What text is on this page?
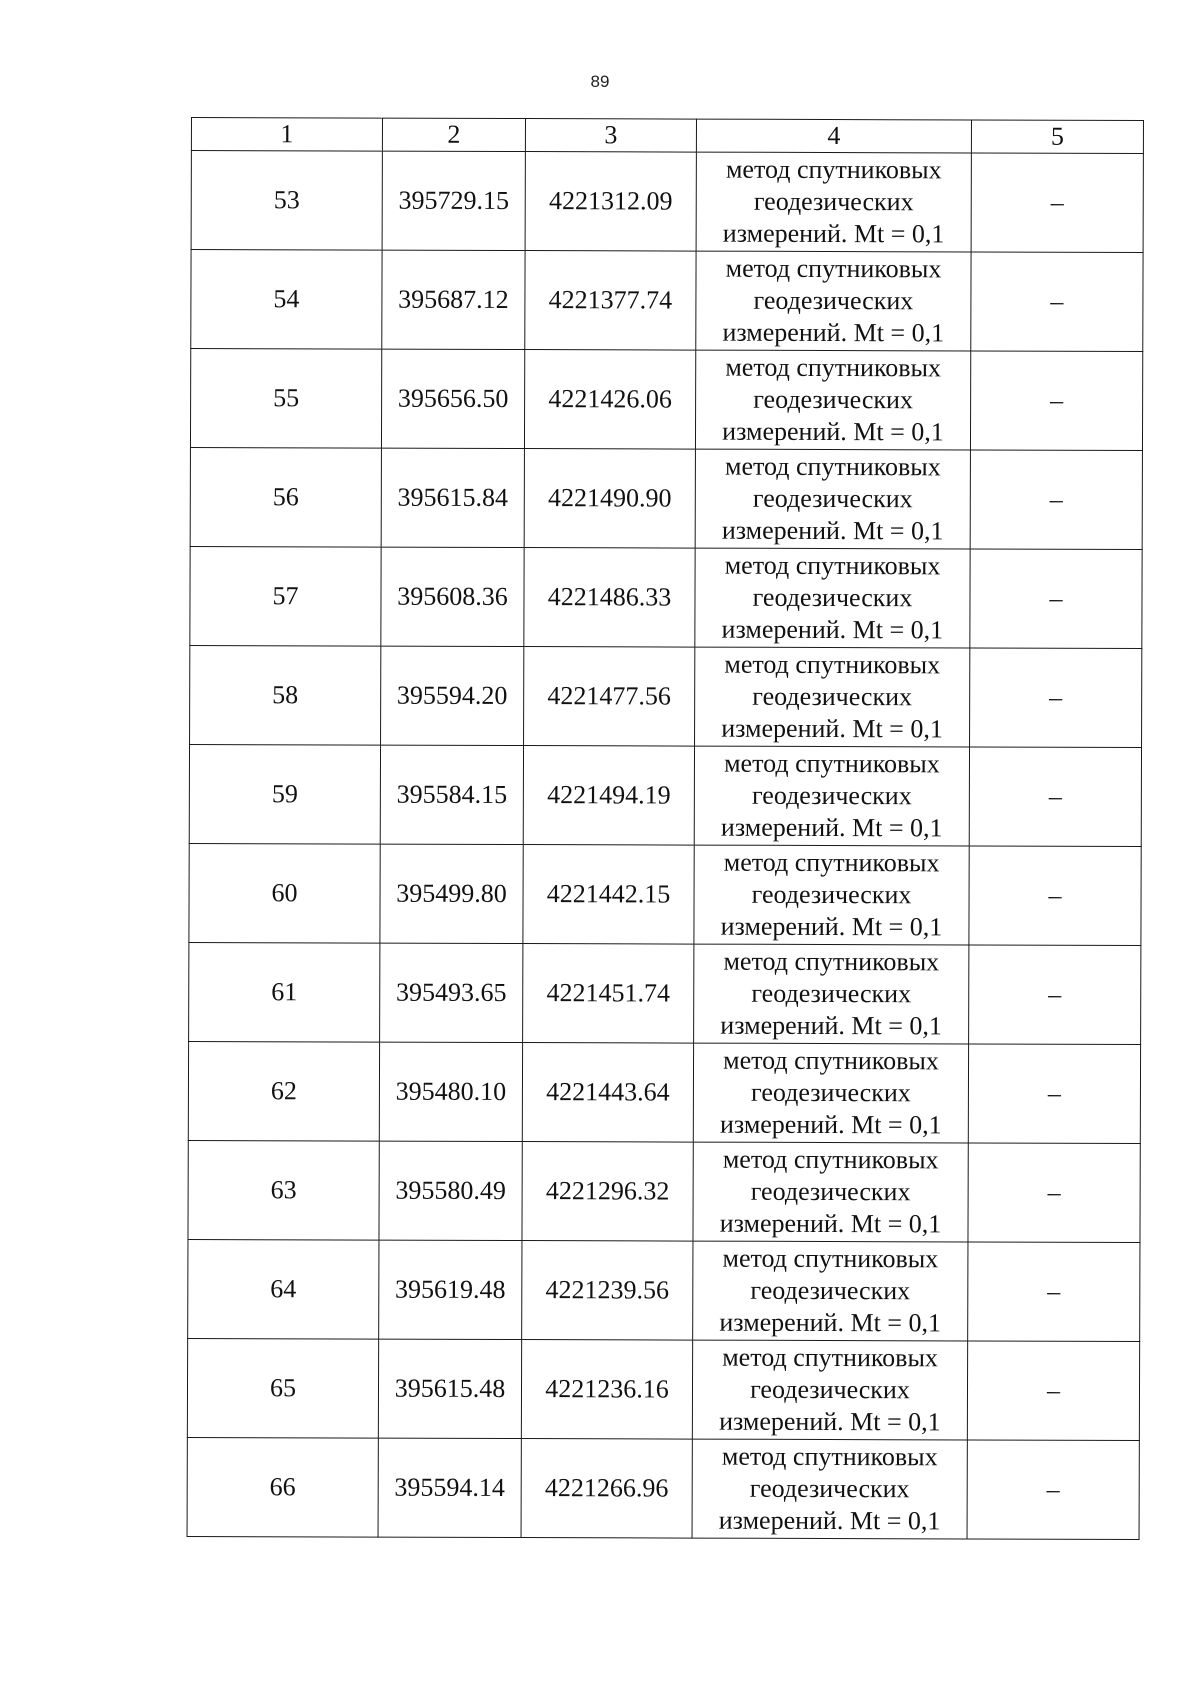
89
1	2	3	4	5
53	395729.15	4221312.09	метод спутниковых геодезических измерений. Mt = 0,1	–
54	395687.12	4221377.74	метод спутниковых геодезических измерений. Mt = 0,1	–
55	395656.50	4221426.06	метод спутниковых геодезических измерений. Mt = 0,1	–
56	395615.84	4221490.90	метод спутниковых геодезических измерений. Mt = 0,1	–
57	395608.36	4221486.33	метод спутниковых геодезических измерений. Mt = 0,1	–
58	395594.20	4221477.56	метод спутниковых геодезических измерений. Mt = 0,1	–
59	395584.15	4221494.19	метод спутниковых геодезических измерений. Mt = 0,1	–
60	395499.80	4221442.15	метод спутниковых геодезических измерений. Mt = 0,1	–
61	395493.65	4221451.74	метод спутниковых геодезических измерений. Mt = 0,1	–
62	395480.10	4221443.64	метод спутниковых геодезических измерений. Mt = 0,1	–
63	395580.49	4221296.32	метод спутниковых геодезических измерений. Mt = 0,1	–
64	395619.48	4221239.56	метод спутниковых геодезических измерений. Mt = 0,1	–
65	395615.48	4221236.16	метод спутниковых геодезических измерений. Mt = 0,1	–
66	395594.14	4221266.96	метод спутниковых геодезических измерений. Mt = 0,1	–
